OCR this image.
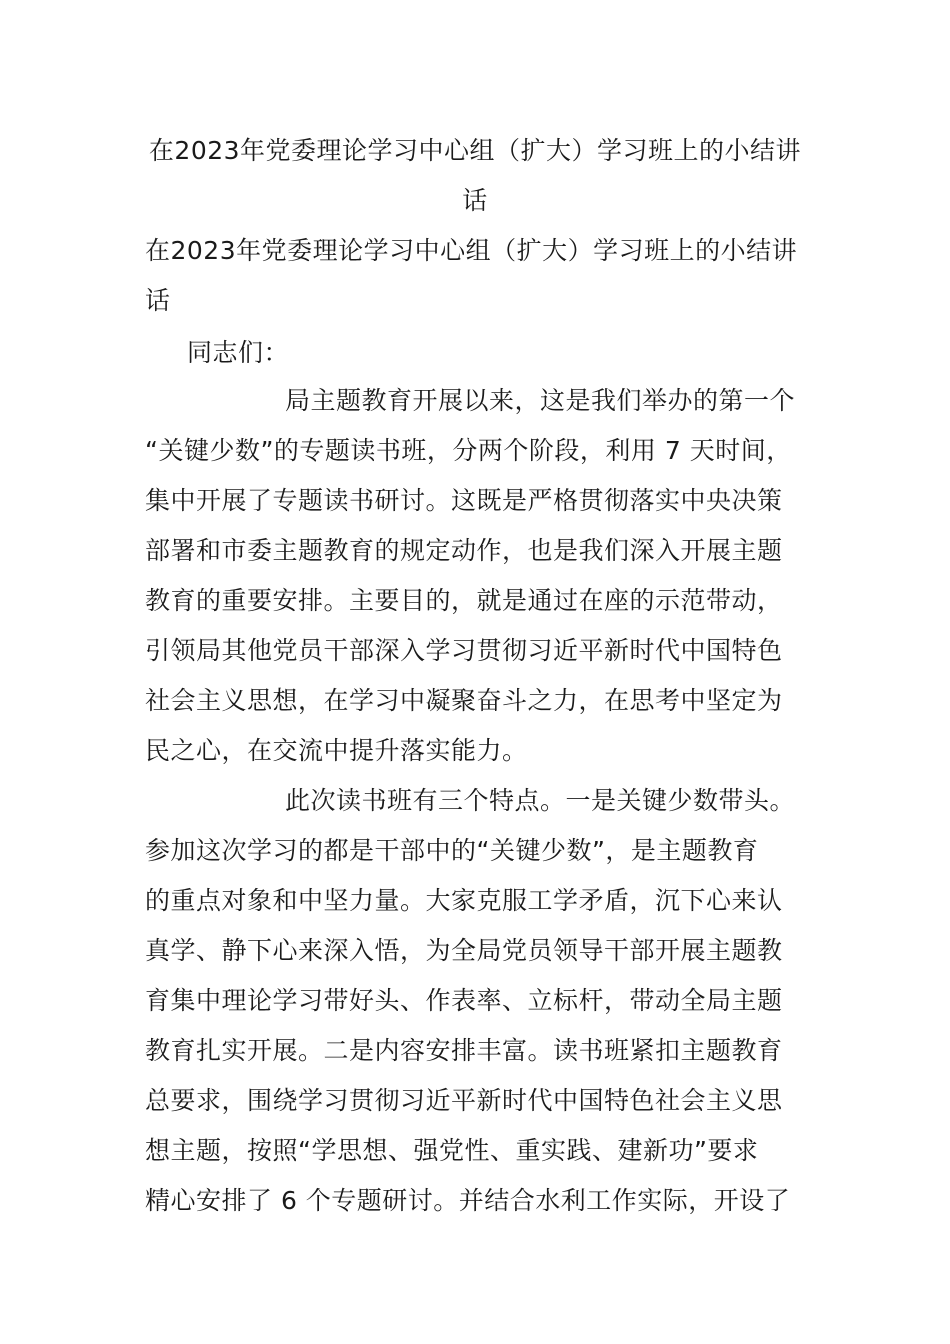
在2023年党委理论学习中心组（扩大）学习班上的小结讲
话
在2023年党委理论学习中心组（扩大）学习班上的小结讲
话
同志们：
局主题教育开展以来，这是我们举办的第一个
“关键少数”的专题读书班，分两个阶段，利用 7 天时间，
集中开展了专题读书研讨。这既是严格贯彻落实中央决策
部署和市委主题教育的规定动作，也是我们深入开展主题
教育的重要安排。主要目的，就是通过在座的示范带动，
引领局其他党员干部深入学习贯彻习近平新时代中国特色
社会主义思想，在学习中凝聚奋斗之力，在思考中坚定为
民之心，在交流中提升落实能力。
此次读书班有三个特点。一是关键少数带头。
参加这次学习的都是干部中的“关键少数”，是主题教育
的重点对象和中坚力量。大家克服工学矛盾，沉下心来认
真学、静下心来深入悟，为全局党员领导干部开展主题教
育集中理论学习带好头、作表率、立标杆，带动全局主题
教育扎实开展。二是内容安排丰富。读书班紧扣主题教育
总要求，围绕学习贯彻习近平新时代中国特色社会主义思
想主题，按照“学思想、强党性、重实践、建新功”要求
精心安排了 6 个专题研讨。并结合水利工作实际，开设了
